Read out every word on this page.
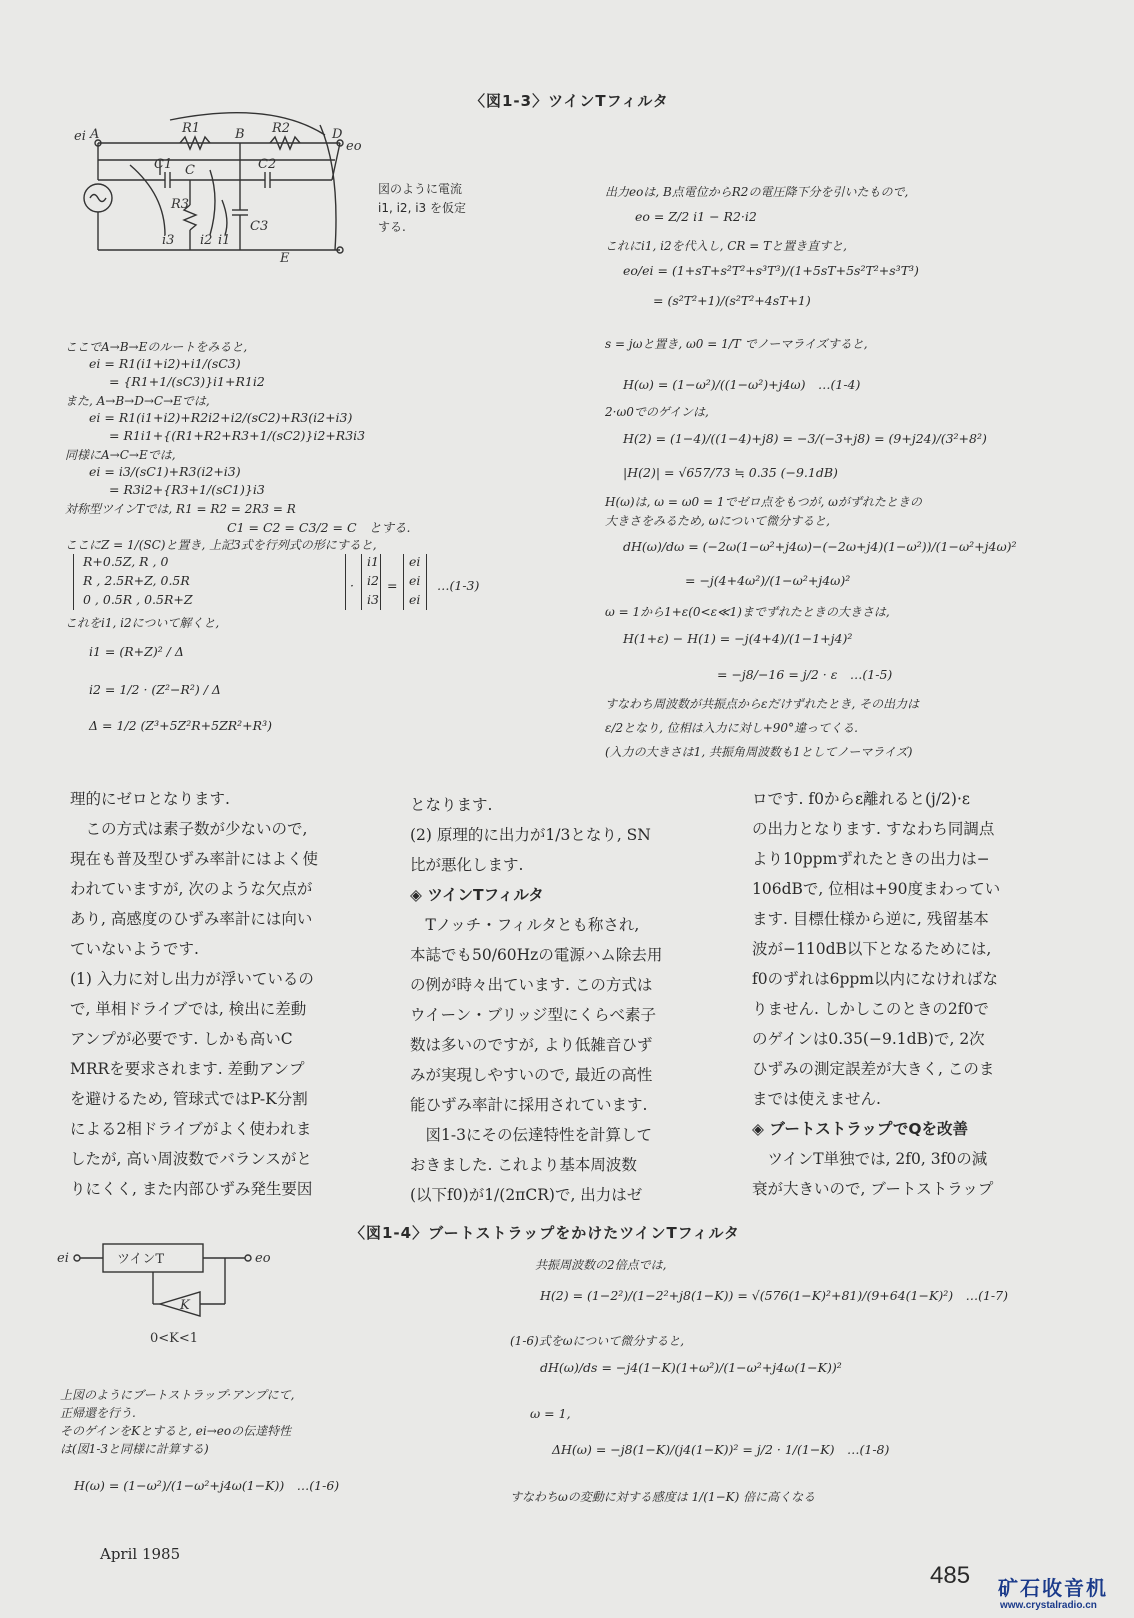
〈図1-3〉ツインTフィルタ
A
ei
R1	B R2	D
eo
C1 C	C2
R3
C3
i3 i2 i1
E
図のように電流
i1, i2, i3 を仮定
する.
ここでA→B→Eのルートをみると,
ei = R1(i1+i2)+i1/(sC3)
= {R1+1/(sC3)}i1+R1i2
また, A→B→D→C→Eでは,
ei = R1(i1+i2)+R2i2+i2/(sC2)+R3(i2+i3)
= R1i1+{(R1+R2+R3+1/(sC2)}i2+R3i3
同様にA→C→Eでは,
ei = i3/(sC1)+R3(i2+i3)
= R3i2+{R3+1/(sC1)}i3
対称型ツインTでは, R1 = R2 = 2R3 = R
C1 = C2 = C3/2 = C　とする.
ここにZ = 1/(SC)と置き, 上記3式を行列式の形にすると,
R+0.5Z, R , 0
R , 2.5R+Z, 0.5R
0 , 0.5R , 0.5R+Z
·
i1
i2
i3
=
ei
ei
ei
…(1-3)
これをi1, i2について解くと,
i1 = (R+Z)² / Δ
i2 = 1/2 · (Z²−R²) / Δ
Δ = 1/2 (Z³+5Z²R+5ZR²+R³)
出力eoは, B点電位からR2の電圧降下分を引いたもので,
eo = Z/2 i1 − R2·i2
これにi1, i2を代入し, CR = Tと置き直すと,
eo/ei = (1+sT+s²T²+s³T³)/(1+5sT+5s²T²+s³T³)
= (s²T²+1)/(s²T²+4sT+1)
s = jωと置き, ω0 = 1/T でノーマライズすると,
H(ω) = (1−ω²)/((1−ω²)+j4ω)　…(1-4)
2·ω0でのゲインは,
H(2) = (1−4)/((1−4)+j8) = −3/(−3+j8) = (9+j24)/(3²+8²)
|H(2)| = √657/73 ≒ 0.35 (−9.1dB)
H(ω)は, ω = ω0 = 1でゼロ点をもつが, ωがずれたときの
大きさをみるため, ωについて微分すると,
dH(ω)/dω = (−2ω(1−ω²+j4ω)−(−2ω+j4)(1−ω²))/(1−ω²+j4ω)²
= −j(4+4ω²)/(1−ω²+j4ω)²
ω = 1から1+ε(0<ε≪1)までずれたときの大きさは,
H(1+ε) − H(1) = −j(4+4)/(1−1+j4)²
= −j8/−16 = j/2 · ε　…(1-5)
すなわち周波数が共振点からεだけずれたとき, その出力は
ε/2となり, 位相は入力に対し+90°違ってくる.
(入力の大きさは1, 共振角周波数も1としてノーマライズ)
理的にゼロとなります.
　この方式は素子数が少ないので,
現在も普及型ひずみ率計にはよく使
われていますが, 次のような欠点が
あり, 高感度のひずみ率計には向い
ていないようです.
(1) 入力に対し出力が浮いているの
で, 単相ドライブでは, 検出に差動
アンプが必要です. しかも高いC
MRRを要求されます. 差動アンプ
を避けるため, 管球式ではP-K分割
による2相ドライブがよく使われま
したが, 高い周波数でバランスがと
りにくく, また内部ひずみ発生要因
となります.
(2) 原理的に出力が1/3となり, SN
比が悪化します.
◈ ツインTフィルタ
　Tノッチ・フィルタとも称され,
本誌でも50/60Hzの電源ハム除去用
の例が時々出ています. この方式は
ウイーン・ブリッジ型にくらべ素子
数は多いのですが, より低雑音ひず
みが実現しやすいので, 最近の高性
能ひずみ率計に採用されています.
　図1-3にその伝達特性を計算して
おきました. これより基本周波数
(以下f0)が1/(2πCR)で, 出力はゼ
ロです. f0からε離れると(j/2)·ε
の出力となります. すなわち同調点
より10ppmずれたときの出力は−
106dBで, 位相は+90度まわってい
ます. 目標仕様から逆に, 残留基本
波が−110dB以下となるためには,
f0のずれは6ppm以内になければな
りません. しかしこのときの2f0で
のゲインは0.35(−9.1dB)で, 2次
ひずみの測定誤差が大きく, このま
までは使えません.
◈ ブートストラップでQを改善
　ツインT単独では, 2f0, 3f0の減
衰が大きいので, ブートストラップ
〈図1-4〉ブートストラップをかけたツインTフィルタ
ei	ツインT	eo
K
0<K<1
上図のようにブートストラップ·アンプにて,
正帰還を行う.
そのゲインをKとすると, ei→eoの伝達特性
は(図1-3と同様に計算する)
H(ω) = (1−ω²)/(1−ω²+j4ω(1−K))　…(1-6)
共振周波数の2倍点では,
H(2) = (1−2²)/(1−2²+j8(1−K)) = √(576(1−K)²+81)/(9+64(1−K)²)　…(1-7)
(1-6)式をωについて微分すると,
dH(ω)/ds = −j4(1−K)(1+ω²)/(1−ω²+j4ω(1−K))²
ω = 1,
ΔH(ω) = −j8(1−K)/(j4(1−K))² = j/2 · 1/(1−K)　…(1-8)
すなわちωの変動に対する感度は 1/(1−K) 倍に高くなる
April 1985
485 矿石收音机
www.crystalradio.cn
